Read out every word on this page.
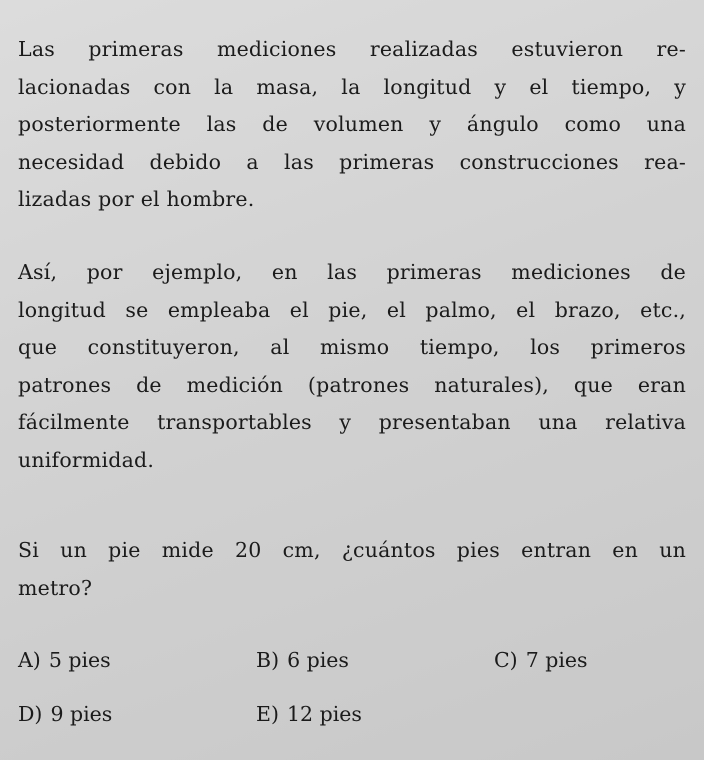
Las primeras mediciones realizadas estuvieron re-
lacionadas con la masa, la longitud y el tiempo, y
posteriormente las de volumen y ángulo como una
necesidad debido a las primeras construcciones rea-
lizadas por el hombre.

Así, por ejemplo, en las primeras mediciones de
longitud se empleaba el pie, el palmo, el brazo, etc.,
que constituyeron, al mismo tiempo, los primeros
patrones de medición (patrones naturales), que eran
fácilmente transportables y presentaban una relativa
uniformidad.

Si un pie mide 20 cm, ¿cuántos pies entran en un
metro?

A) 5 pies	B) 6 pies	C) 7 pies
D) 9 pies	E) 12 pies
